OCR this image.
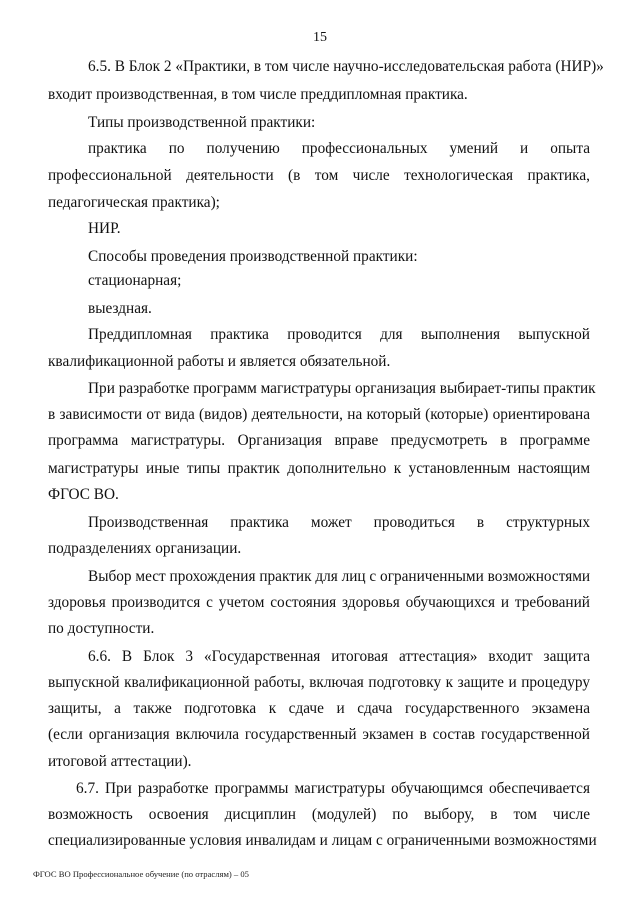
15
6.5. В Блок 2 «Практики, в том числе научно-исследовательская работа (НИР)»
входит производственная, в том числе преддипломная практика.
Типы производственной практики:
практика по получению профессиональных умений и опыта
профессиональной деятельности (в том числе технологическая практика,
педагогическая практика);
НИР.
Способы проведения производственной практики:
стационарная;
выездная.
Преддипломная практика проводится для выполнения выпускной
квалификационной работы и является обязательной.
При разработке программ магистратуры организация выбирает-типы практик
в зависимости от вида (видов) деятельности, на который (которые) ориентирована
программа магистратуры. Организация вправе предусмотреть в программе
магистратуры иные типы практик дополнительно к установленным настоящим
ФГОС ВО.
Производственная практика может проводиться в структурных
подразделениях организации.
Выбор мест прохождения практик для лиц с ограниченными возможностями
здоровья производится с учетом состояния здоровья обучающихся и требований
по доступности.
6.6. В Блок 3 «Государственная итоговая аттестация» входит защита
выпускной квалификационной работы, включая подготовку к защите и процедуру
защиты, а также подготовка к сдаче и сдача государственного экзамена
(если организация включила государственный экзамен в состав государственной
итоговой аттестации).
6.7. При разработке программы магистратуры обучающимся обеспечивается
возможность освоения дисциплин (модулей) по выбору, в том числе
специализированные условия инвалидам и лицам с ограниченными возможностями
ФГОС ВО Профессиональное обучение (по отраслям) – 05
